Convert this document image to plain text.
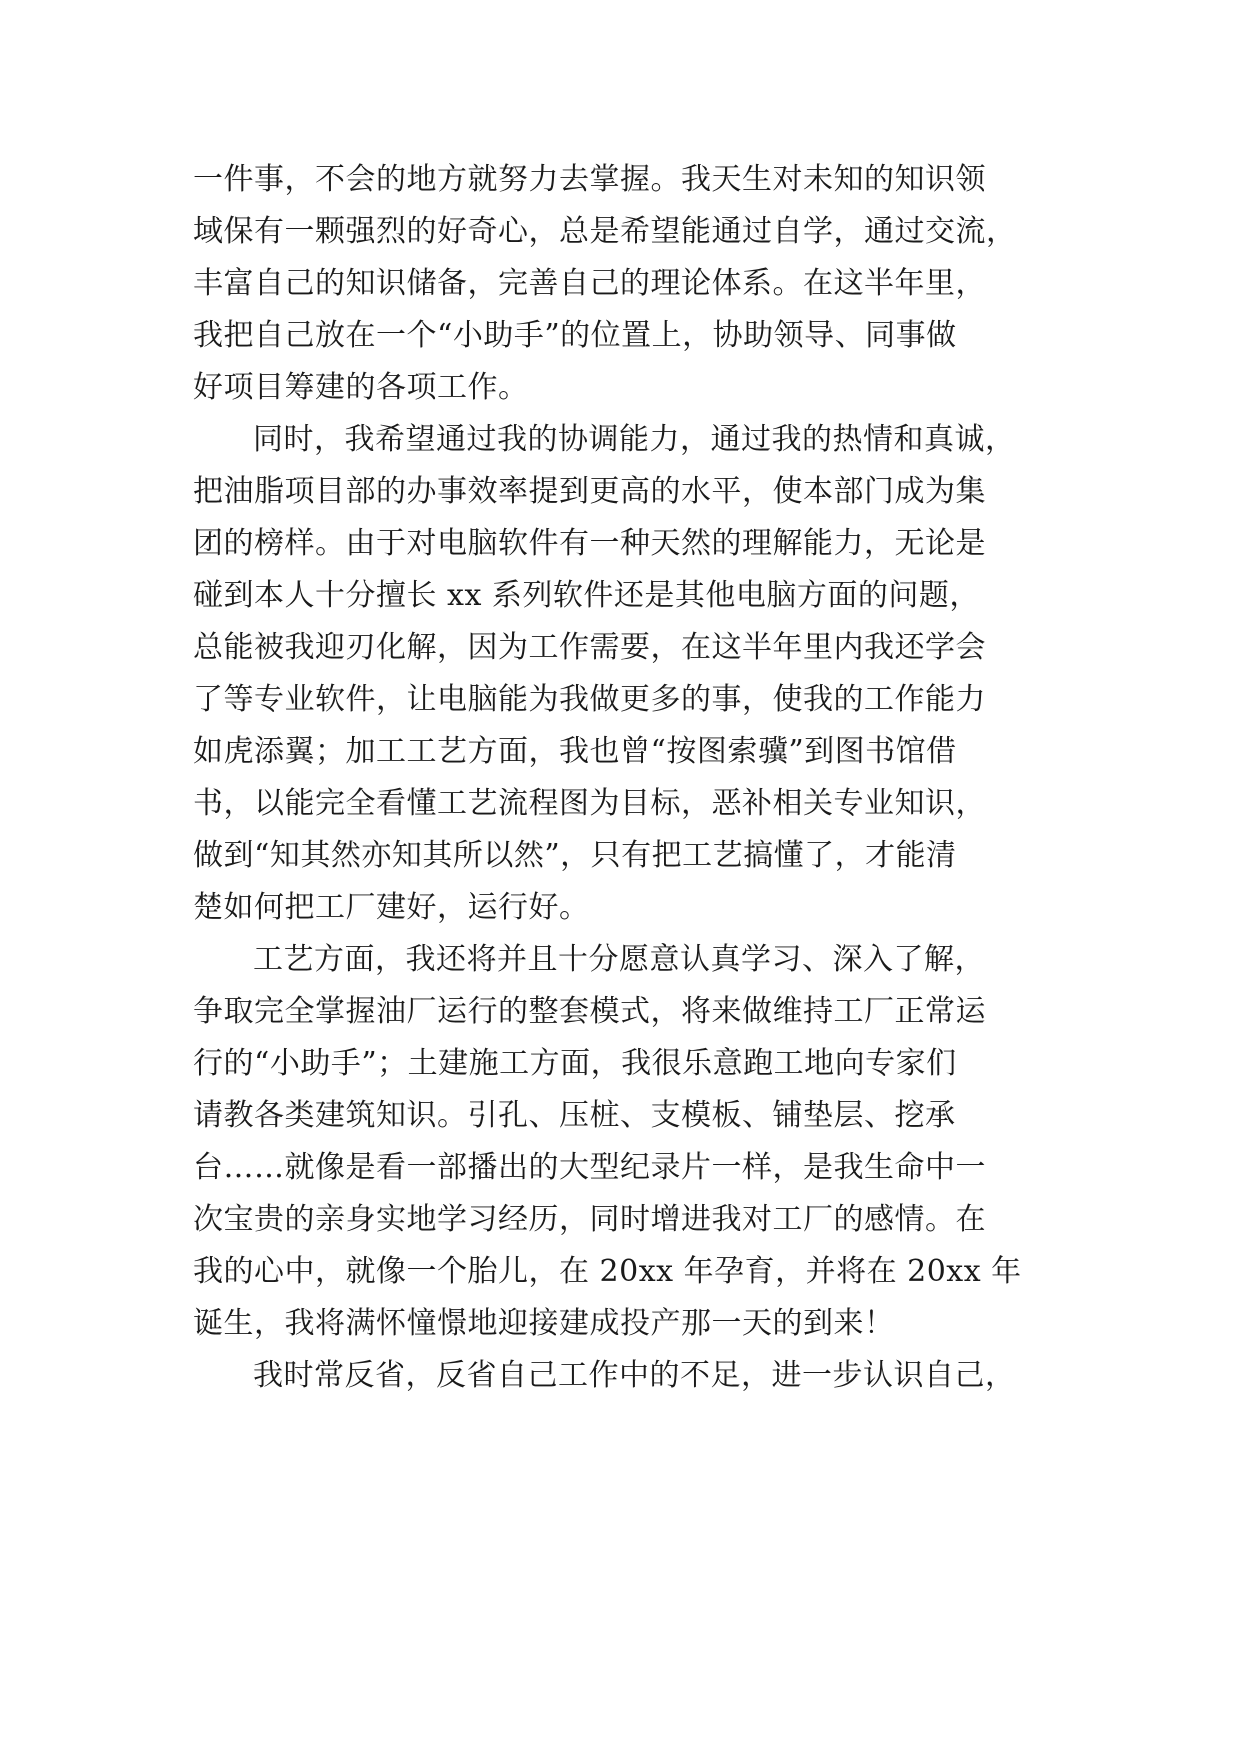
一件事，不会的地方就努力去掌握。我天生对未知的知识领
域保有一颗强烈的好奇心，总是希望能通过自学，通过交流，
丰富自己的知识储备，完善自己的理论体系。在这半年里，
我把自己放在一个“小助手”的位置上，协助领导、同事做
好项目筹建的各项工作。
同时，我希望通过我的协调能力，通过我的热情和真诚，
把油脂项目部的办事效率提到更高的水平，使本部门成为集
团的榜样。由于对电脑软件有一种天然的理解能力，无论是
碰到本人十分擅长 xx 系列软件还是其他电脑方面的问题，
总能被我迎刃化解，因为工作需要，在这半年里内我还学会
了等专业软件，让电脑能为我做更多的事，使我的工作能力
如虎添翼；加工工艺方面，我也曾“按图索骥”到图书馆借
书，以能完全看懂工艺流程图为目标，恶补相关专业知识，
做到“知其然亦知其所以然”，只有把工艺搞懂了，才能清
楚如何把工厂建好，运行好。
工艺方面，我还将并且十分愿意认真学习、深入了解，
争取完全掌握油厂运行的整套模式，将来做维持工厂正常运
行的“小助手”；土建施工方面，我很乐意跑工地向专家们
请教各类建筑知识。引孔、压桩、支模板、铺垫层、挖承
台……就像是看一部播出的大型纪录片一样，是我生命中一
次宝贵的亲身实地学习经历，同时增进我对工厂的感情。在
我的心中，就像一个胎儿，在 20xx 年孕育，并将在 20xx 年
诞生，我将满怀憧憬地迎接建成投产那一天的到来！
我时常反省，反省自己工作中的不足，进一步认识自己，
